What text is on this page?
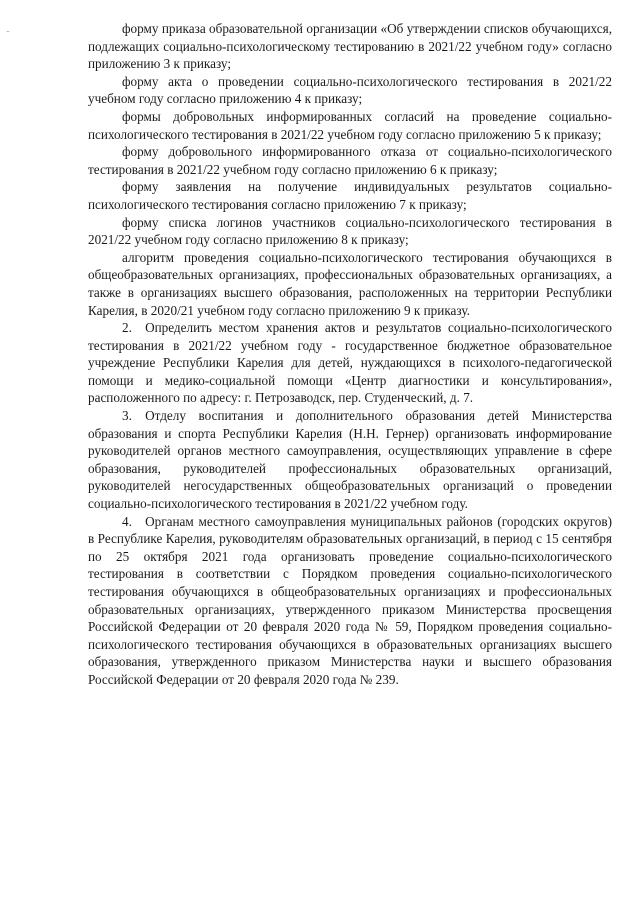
·̴	форму приказа образовательной организации «Об утверждении списков обучающихся, подлежащих социально-психологическому тестированию в 2021/22 учебном году» согласно приложению 3 к приказу;

форму акта о проведении социально-психологического тестирования в 2021/22 учебном году согласно приложению 4 к приказу;

формы добровольных информированных согласий на проведение социально-психологического тестирования в 2021/22 учебном году согласно приложению 5 к приказу;

форму добровольного информированного отказа от социально-психологического тестирования в 2021/22 учебном году согласно приложению 6 к приказу;

форму заявления на получение индивидуальных результатов социально-психологического тестирования согласно приложению 7 к приказу;

форму списка логинов участников социально-психологического тестирования в 2021/22 учебном году согласно приложению 8 к приказу;

алгоритм проведения социально-психологического тестирования обучающихся в общеобразовательных организациях, профессиональных образовательных организациях, а также в организациях высшего образования, расположенных на территории Республики Карелия, в 2020/21 учебном году согласно приложению 9 к приказу.

2. Определить местом хранения актов и результатов социально-психологического тестирования в 2021/22 учебном году - государственное бюджетное образовательное учреждение Республики Карелия для детей, нуждающихся в психолого-педагогической помощи и медико-социальной помощи «Центр диагностики и консультирования», расположенного по адресу: г. Петрозаводск, пер. Студенческий, д. 7.

3. Отделу воспитания и дополнительного образования детей Министерства образования и спорта Республики Карелия (Н.Н. Гернер) организовать информирование руководителей органов местного самоуправления, осуществляющих управление в сфере образования, руководителей профессиональных образовательных организаций, руководителей негосударственных общеобразовательных организаций о проведении социально-психологического тестирования в 2021/22 учебном году.

4. Органам местного самоуправления муниципальных районов (городских округов) в Республике Карелия, руководителям образовательных организаций, в период с 15 сентября по 25 октября 2021 года организовать проведение социально-психологического тестирования в соответствии с Порядком проведения социально-психологического тестирования обучающихся в общеобразовательных организациях и профессиональных образовательных организациях, утвержденного приказом Министерства просвещения Российской Федерации от 20 февраля 2020 года № 59, Порядком проведения социально-психологического тестирования обучающихся в образовательных организациях высшего образования, утвержденного приказом Министерства науки и высшего образования Российской Федерации от 20 февраля 2020 года № 239.
